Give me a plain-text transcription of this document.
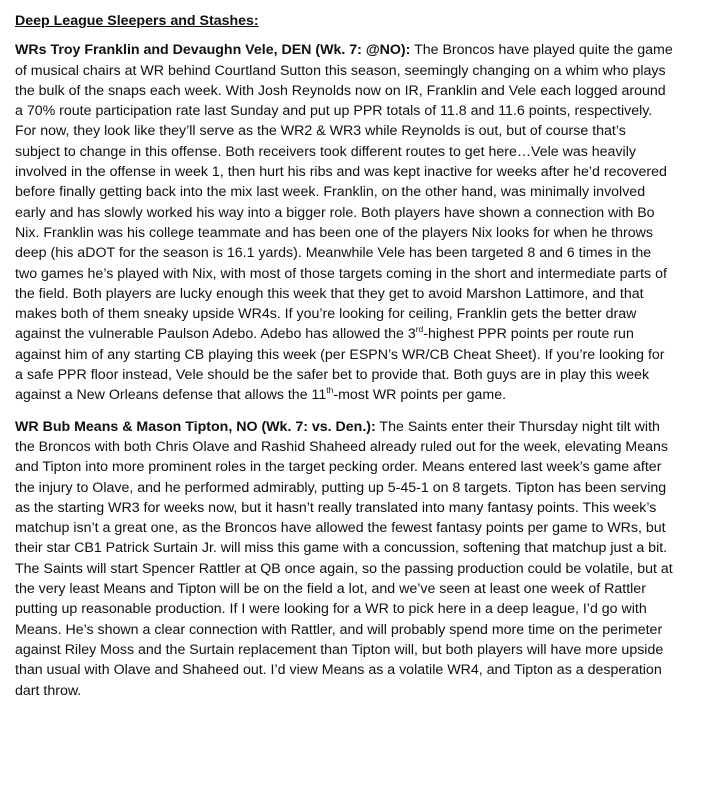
Deep League Sleepers and Stashes:

WRs Troy Franklin and Devaughn Vele, DEN (Wk. 7: @NO): The Broncos have played quite the game of musical chairs at WR behind Courtland Sutton this season, seemingly changing on a whim who plays the bulk of the snaps each week. With Josh Reynolds now on IR, Franklin and Vele each logged around a 70% route participation rate last Sunday and put up PPR totals of 11.8 and 11.6 points, respectively. For now, they look like they’ll serve as the WR2 & WR3 while Reynolds is out, but of course that’s subject to change in this offense. Both receivers took different routes to get here…Vele was heavily involved in the offense in week 1, then hurt his ribs and was kept inactive for weeks after he’d recovered before finally getting back into the mix last week. Franklin, on the other hand, was minimally involved early and has slowly worked his way into a bigger role. Both players have shown a connection with Bo Nix. Franklin was his college teammate and has been one of the players Nix looks for when he throws deep (his aDOT for the season is 16.1 yards). Meanwhile Vele has been targeted 8 and 6 times in the two games he’s played with Nix, with most of those targets coming in the short and intermediate parts of the field. Both players are lucky enough this week that they get to avoid Marshon Lattimore, and that makes both of them sneaky upside WR4s. If you’re looking for ceiling, Franklin gets the better draw against the vulnerable Paulson Adebo. Adebo has allowed the 3rd-highest PPR points per route run against him of any starting CB playing this week (per ESPN’s WR/CB Cheat Sheet). If you’re looking for a safe PPR floor instead, Vele should be the safer bet to provide that. Both guys are in play this week against a New Orleans defense that allows the 11th-most WR points per game.

WR Bub Means & Mason Tipton, NO (Wk. 7: vs. Den.): The Saints enter their Thursday night tilt with the Broncos with both Chris Olave and Rashid Shaheed already ruled out for the week, elevating Means and Tipton into more prominent roles in the target pecking order. Means entered last week’s game after the injury to Olave, and he performed admirably, putting up 5-45-1 on 8 targets. Tipton has been serving as the starting WR3 for weeks now, but it hasn’t really translated into many fantasy points. This week’s matchup isn’t a great one, as the Broncos have allowed the fewest fantasy points per game to WRs, but their star CB1 Patrick Surtain Jr. will miss this game with a concussion, softening that matchup just a bit. The Saints will start Spencer Rattler at QB once again, so the passing production could be volatile, but at the very least Means and Tipton will be on the field a lot, and we’ve seen at least one week of Rattler putting up reasonable production. If I were looking for a WR to pick here in a deep league, I’d go with Means. He’s shown a clear connection with Rattler, and will probably spend more time on the perimeter against Riley Moss and the Surtain replacement than Tipton will, but both players will have more upside than usual with Olave and Shaheed out. I’d view Means as a volatile WR4, and Tipton as a desperation dart throw.
